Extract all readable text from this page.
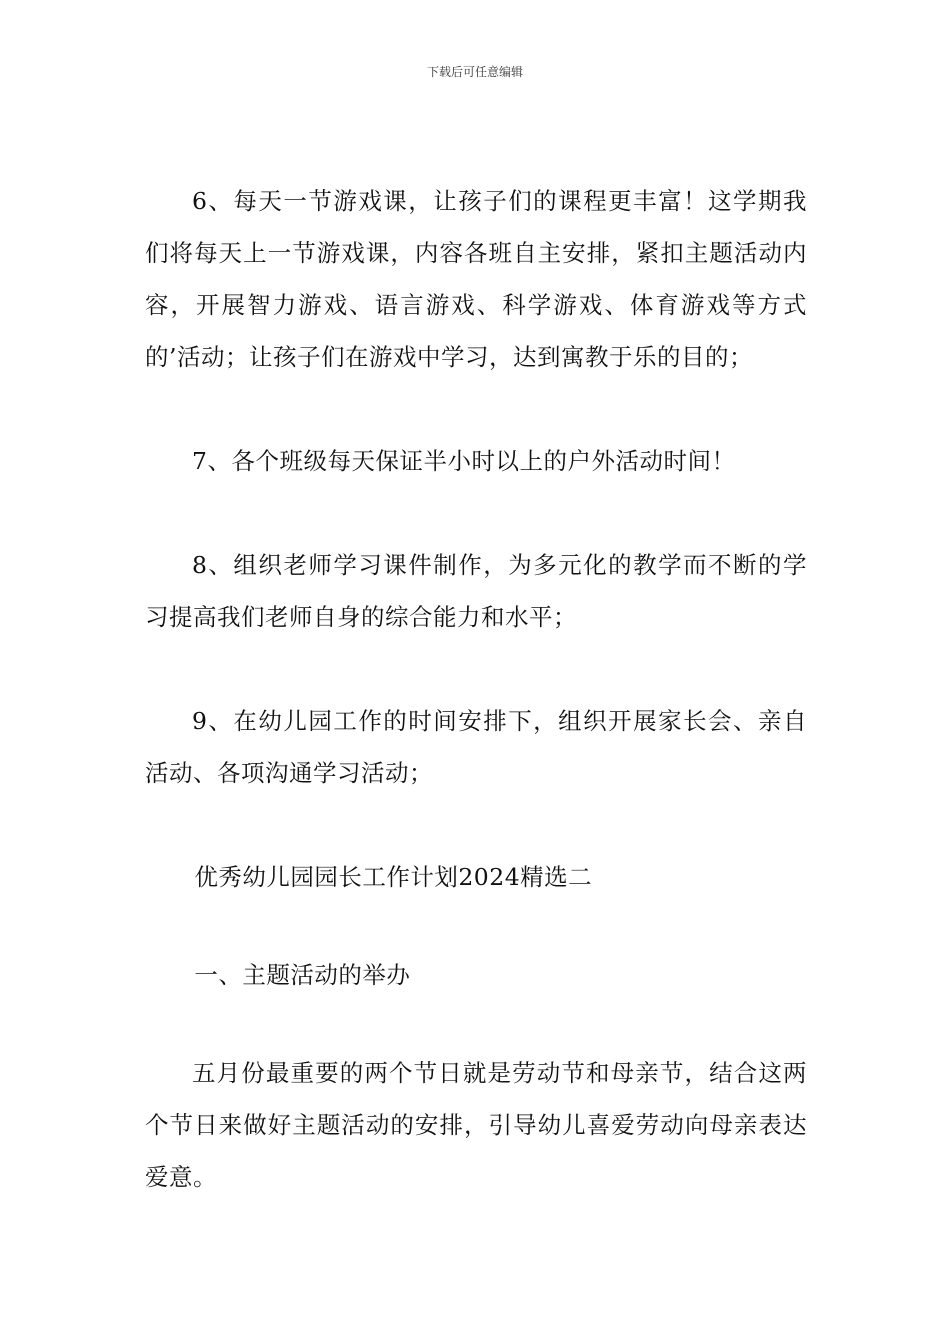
下载后可任意编辑

6、每天一节游戏课，让孩子们的课程更丰富！这学期我们将每天上一节游戏课，内容各班自主安排，紧扣主题活动内容，开展智力游戏、语言游戏、科学游戏、体育游戏等方式的’活动；让孩子们在游戏中学习，达到寓教于乐的目的；

7、各个班级每天保证半小时以上的户外活动时间！

8、组织老师学习课件制作，为多元化的教学而不断的学习提高我们老师自身的综合能力和水平；

9、在幼儿园工作的时间安排下，组织开展家长会、亲自活动、各项沟通学习活动；

优秀幼儿园园长工作计划2024精选二

一、主题活动的举办

五月份最重要的两个节日就是劳动节和母亲节，结合这两个节日来做好主题活动的安排，引导幼儿喜爱劳动向母亲表达爱意。
